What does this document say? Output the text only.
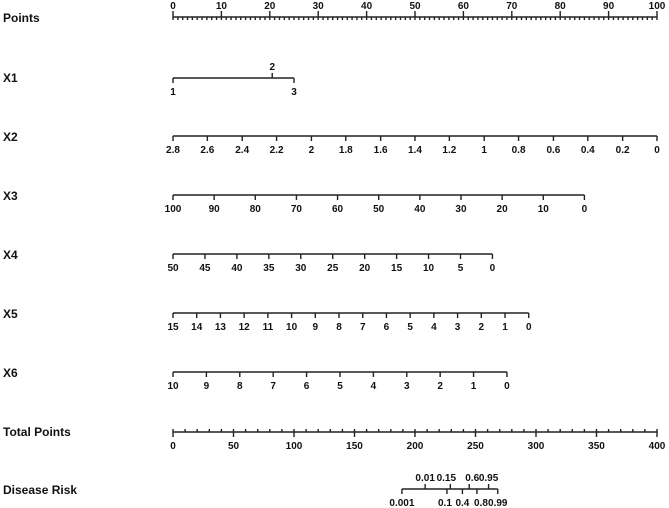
Points
0	10	20	30	40	50	60	70	80	90	100
X1
1
2
3
X2
2.8 2.6 2.4 2.2	2 1.8 1.6 1.4 1.2	1 0.8 0.6 0.4 0.2 0
X3
100	90	80	70	60	50	40	30	20	10	0
X4
50 45 40 35 30 25 20 15 10 5	0
X5
15 14 13 12 11 10 9 8 7 6 5 4 3 2 1 0
X6
10	9	8	7	6	5	4	3	2	1	0
Total Points
0	50	100	150	200	250	300	350	400
Disease Risk
0.001
0.01
0.1
0.15
0.4
0.6
0.8
0.95
0.99
